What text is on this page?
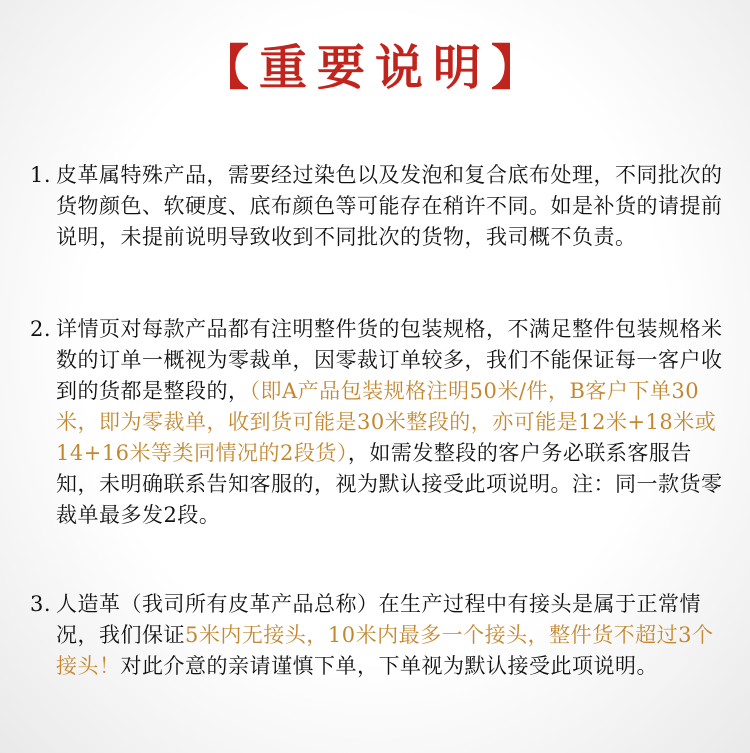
【重要说明】
1. 皮革属特殊产品，需要经过染色以及发泡和复合底布处理，不同批次的货物颜色、软硬度、底布颜色等可能存在稍许不同。如是补货的请提前说明，未提前说明导致收到不同批次的货物，我司概不负责。
2. 详情页对每款产品都有注明整件货的包装规格，不满足整件包装规格米数的订单一概视为零裁单，因零裁订单较多，我们不能保证每一客户收到的货都是整段的，（即A产品包装规格注明50米/件，B客户下单30米，即为零裁单，收到货可能是30米整段的，亦可能是12米+18米或14+16米等类同情况的2段货），如需发整段的客户务必联系客服告知，未明确联系告知客服的，视为默认接受此项说明。注：同一款货零裁单最多发2段。
3. 人造革（我司所有皮革产品总称）在生产过程中有接头是属于正常情况，我们保证5米内无接头，10米内最多一个接头，整件货不超过3个接头！对此介意的亲请谨慎下单，下单视为默认接受此项说明。
